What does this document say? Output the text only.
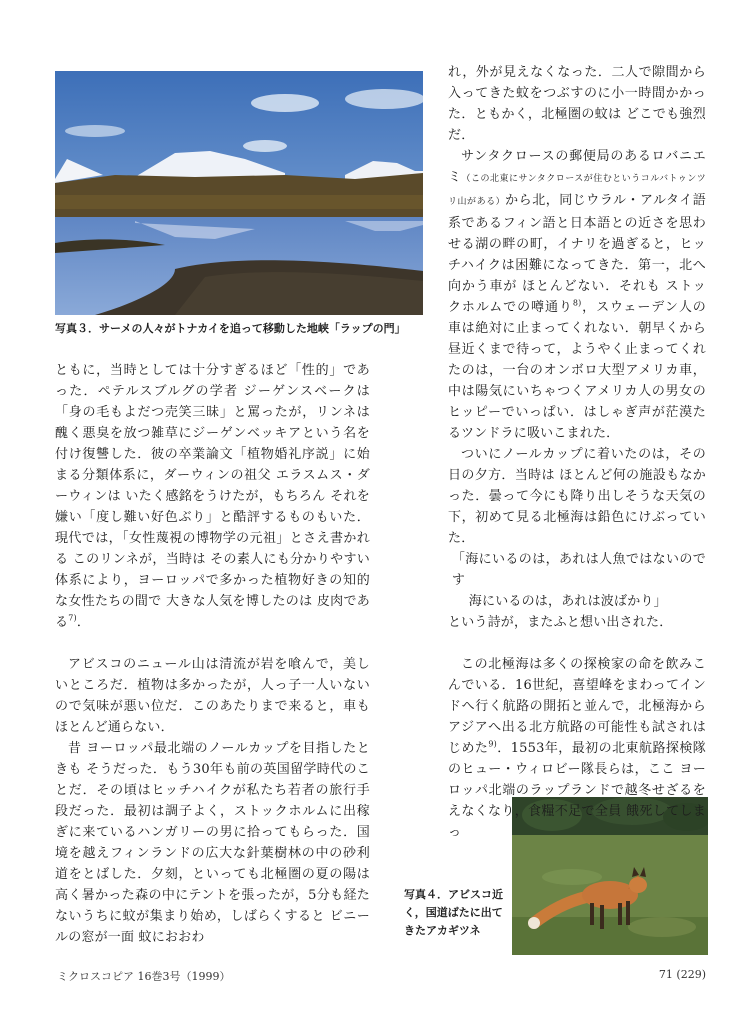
写真３．サーメの人々がトナカイを追って移動した地峡「ラップの門」
写真４．アビスコ近く，国道ばたに出てきたアカギツネ

ともに，当時としては十分すぎるほど「性的」であった．ペテルスブルグの学者 ジーゲンスベークは「身の毛もよだつ売笑三昧」と罵ったが，リンネは醜く悪臭を放つ雑草にジーゲンベッキアという名を付け復讐した．彼の卒業論文「植物婚礼序説」に始まる分類体系に，ダーウィンの祖父 エラスムス・ダーウィンは いたく感銘をうけたが，もちろん それを嫌い「度し難い好色ぶり」と酷評するものもいた．現代では，「女性蔑視の博物学の元祖」とさえ書かれる このリンネが，当時は その素人にも分かりやすい体系により，ヨーロッパで多かった植物好きの知的な女性たちの間で 大きな人気を博したのは 皮肉である$^{7)}$．

アビスコのニュール山は清流が岩を喰んで，美しいところだ．植物は多かったが，人っ子一人いないので気味が悪い位だ．このあたりまで来ると，車もほとんど通らない．

昔 ヨーロッパ最北端のノールカップを目指したときも そうだった．もう30年も前の英国留学時代のことだ．その頃はヒッチハイクが私たち若者の旅行手段だった．最初は調子よく，ストックホルムに出稼ぎに来ているハンガリーの男に拾ってもらった．国境を越えフィンランドの広大な針葉樹林の中の砂利道をとばした．夕刻，といっても北極圏の夏の陽は高く暑かった森の中にテントを張ったが，5分も経たないうちに蚊が集まり始め，しばらくすると ビニールの窓が一面 蚊におおわ

れ，外が見えなくなった．二人で隙間から入ってきた蚊をつぶすのに小一時間かかった．ともかく，北極圏の蚊は どこでも強烈だ．

サンタクロースの郵便局のあるロバニエミ（この北東にサンタクロースが住むというコルバトゥンツリ山がある）から北，同じウラル・アルタイ語系であるフィン語と日本語との近さを思わせる湖の畔の町，イナリを過ぎると，ヒッチハイクは困難になってきた．第一，北へ向かう車が ほとんどない．それも ストックホルムでの噂通り$^{8)}$，スウェーデン人の車は絶対に止まってくれない．朝早くから昼近くまで待って，ようやく止まってくれたのは，一台のオンボロ大型アメリカ車，中は陽気にいちゃつくアメリカ人の男女のヒッピーでいっぱい．はしゃぎ声が茫漠たるツンドラに吸いこまれた．

ついにノールカップに着いたのは，その日の夕方．当時は ほとんど何の施設もなかった．曇って今にも降り出しそうな天気の下，初めて見る北極海は鉛色にけぶっていた．

「海にいるのは，あれは人魚ではないのです

海にいるのは，あれは波ばかり」

という詩が，またふと想い出された．

この北極海は多くの探検家の命を飲みこんでいる．16世紀，喜望峰をまわってインドへ行く航路の開拓と並んで，北極海からアジアへ出る北方航路の可能性も試されはじめた$^{9)}$．1553年，最初の北東航路探検隊のヒュー・ウィロビー隊長らは，ここ ヨーロッパ北端のラップランドで越冬せざるをえなくなり，食糧不足で全員 餓死してしまっ

ミクロスコピア 16巻3号（1999）	71 (229)
